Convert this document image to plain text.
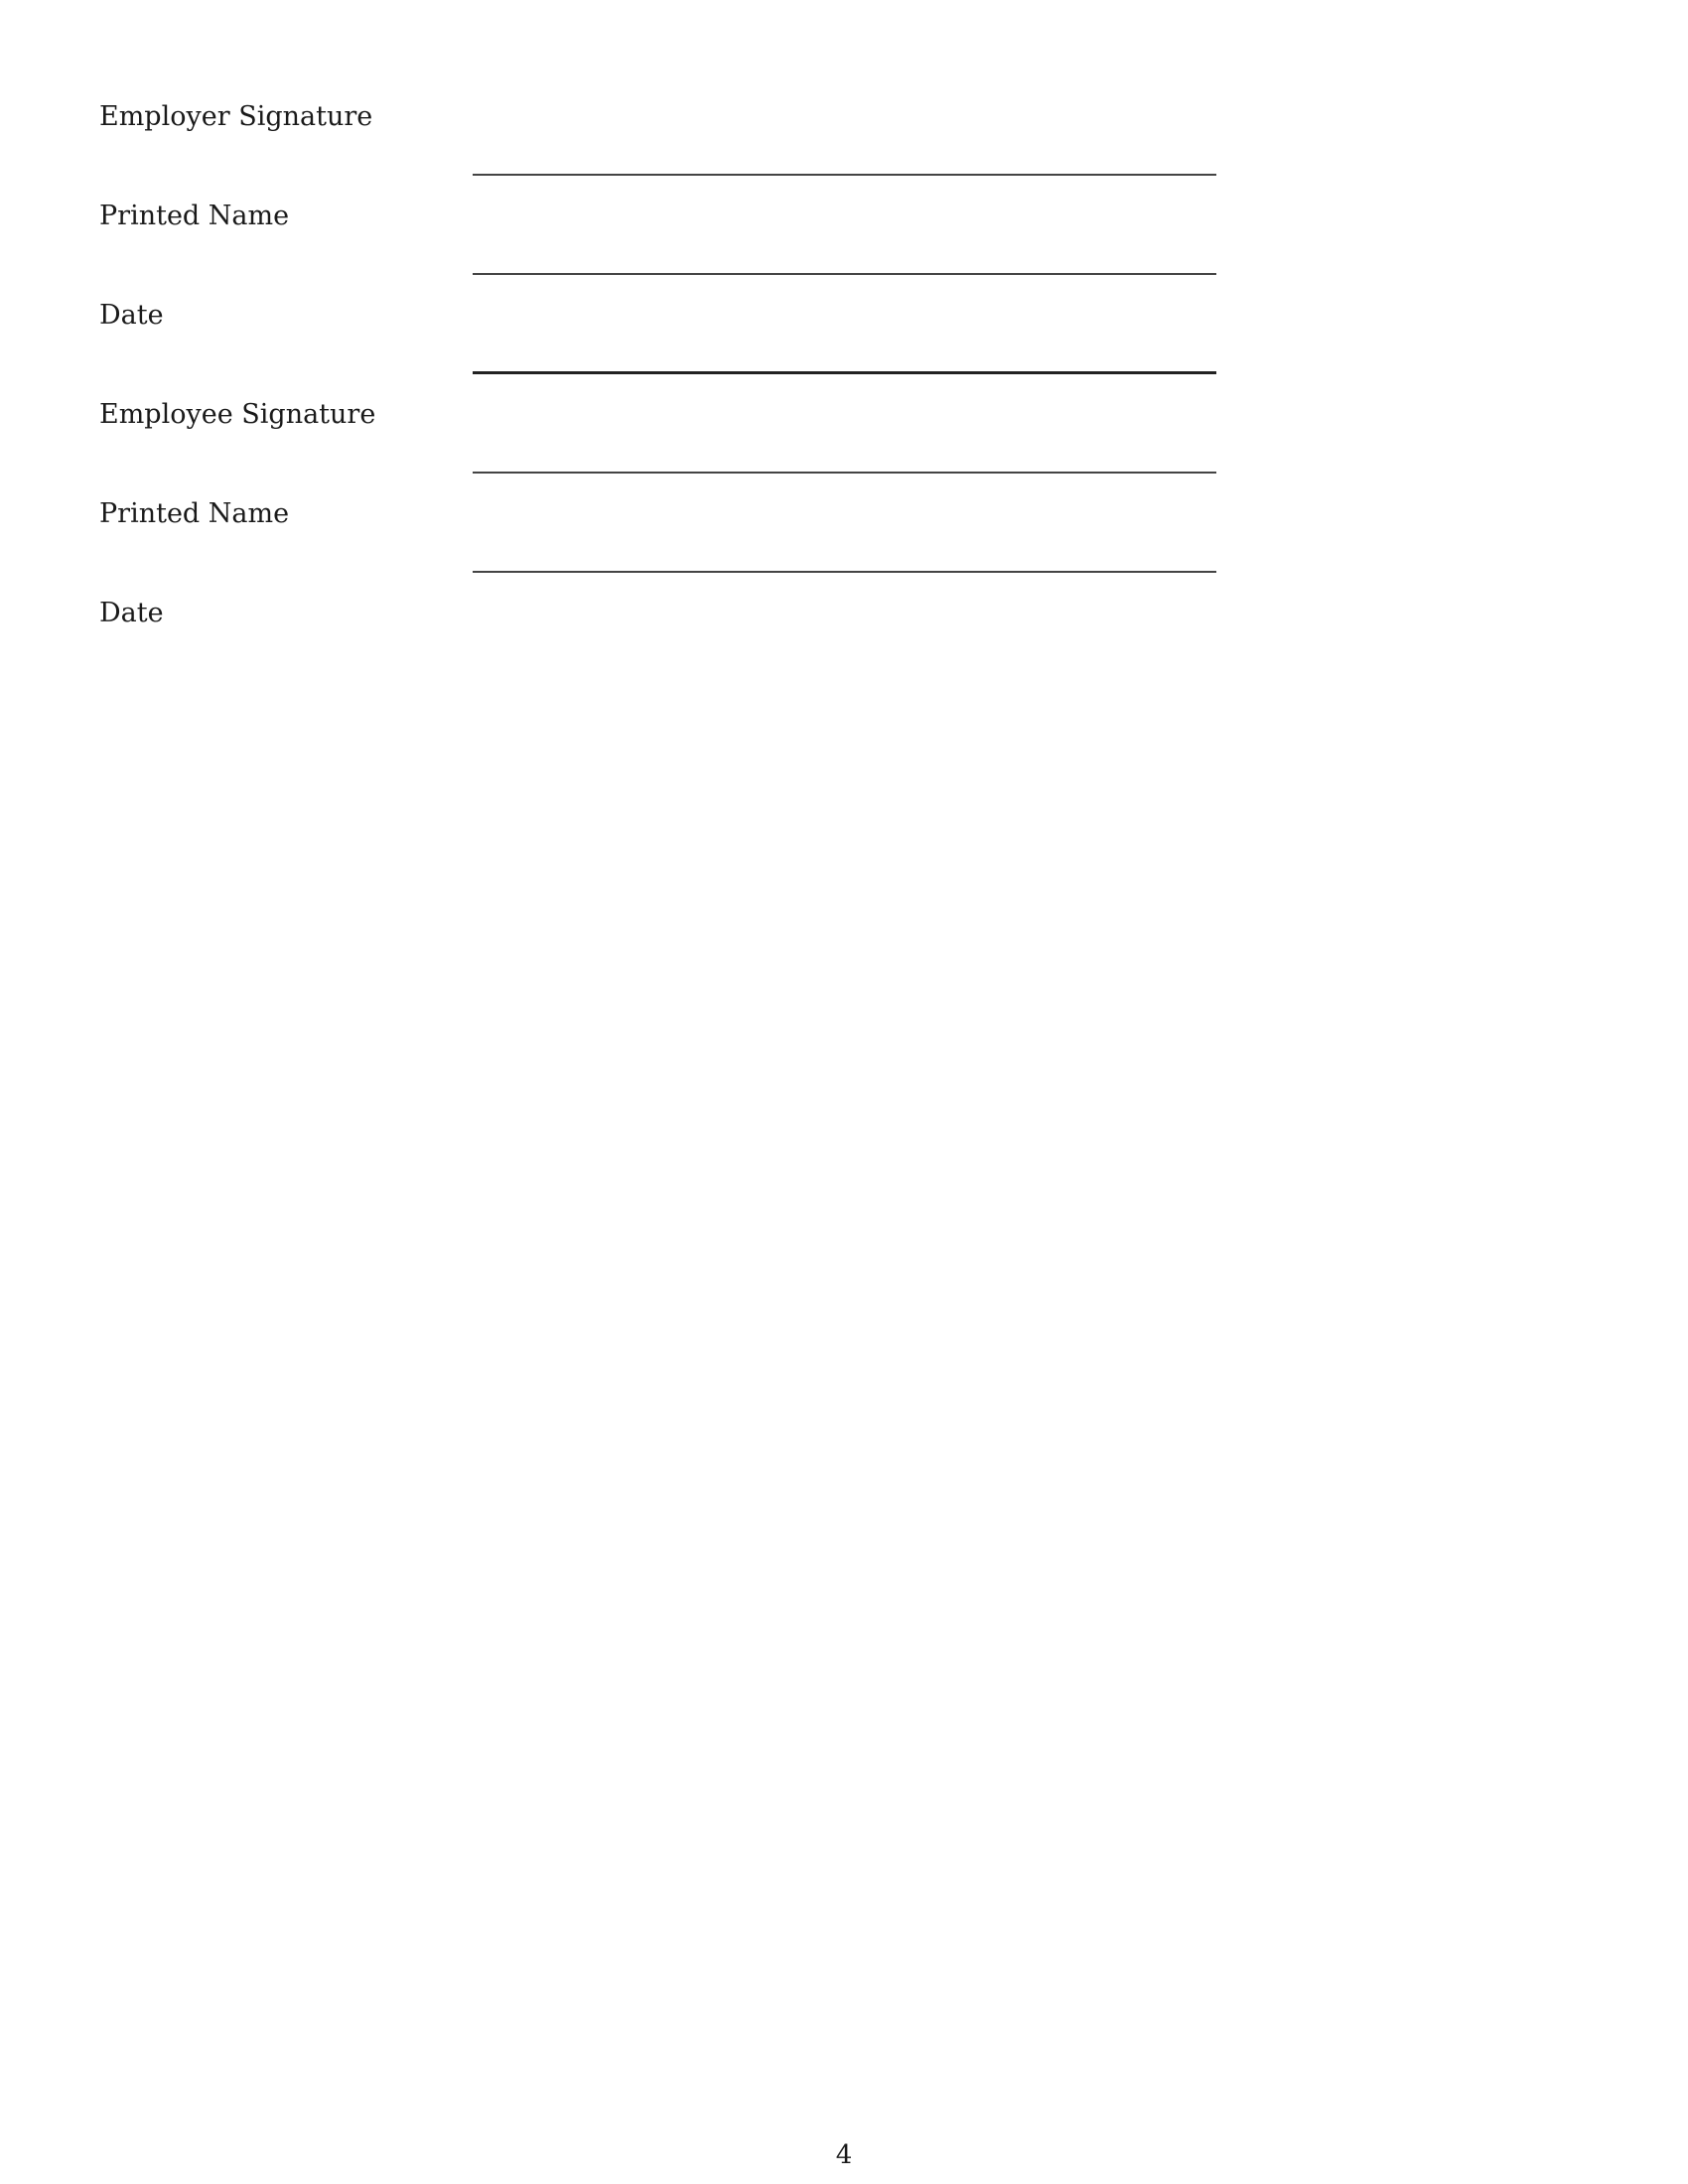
Employer Signature
Printed Name
Date
Employee Signature
Printed Name
Date
4
